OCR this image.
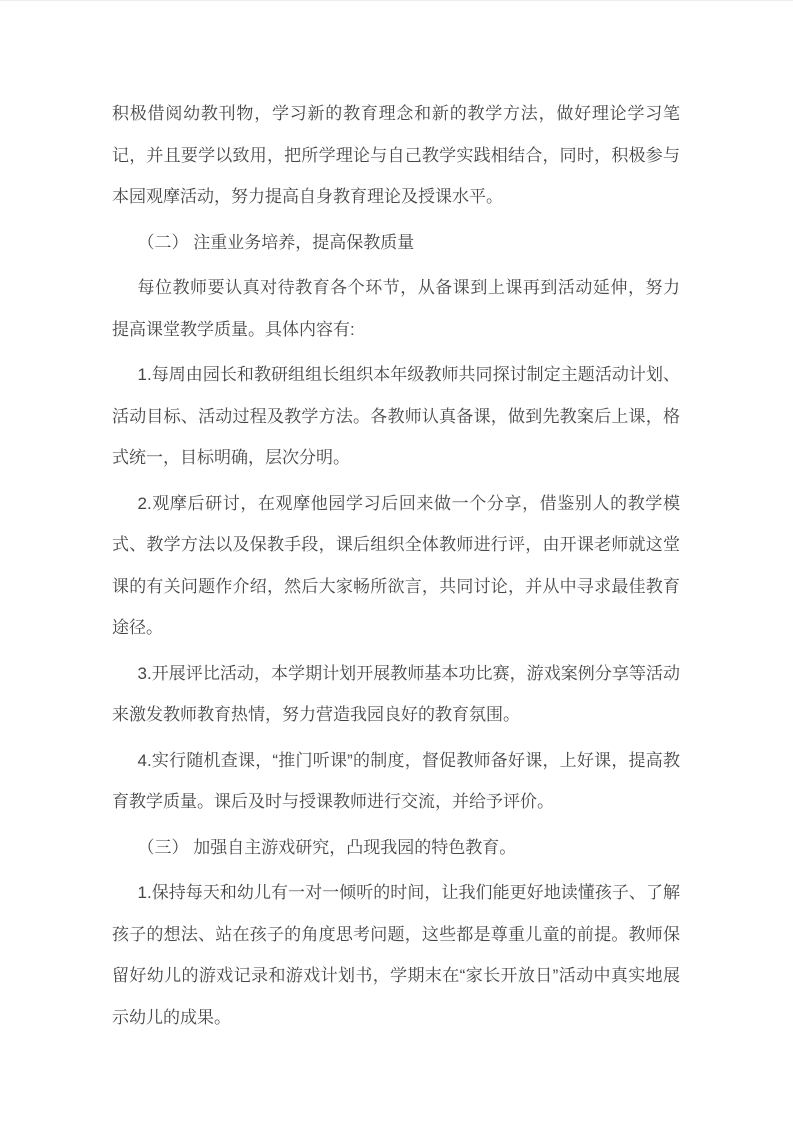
积极借阅幼教刊物，学习新的教育理念和新的教学方法，做好理论学习笔记，并且要学以致用，把所学理论与自己教学实践相结合，同时，积极参与本园观摩活动，努力提高自身教育理论及授课水平。

（二） 注重业务培养，提高保教质量

每位教师要认真对待教育各个环节，从备课到上课再到活动延伸，努力提高课堂教学质量。具体内容有:

1.每周由园长和教研组组长组织本年级教师共同探讨制定主题活动计划、活动目标、活动过程及教学方法。各教师认真备课，做到先教案后上课，格式统一，目标明确，层次分明。

2.观摩后研讨，在观摩他园学习后回来做一个分享，借鉴别人的教学模式、教学方法以及保教手段，课后组织全体教师进行评，由开课老师就这堂课的有关问题作介绍，然后大家畅所欲言，共同讨论，并从中寻求最佳教育途径。

3.开展评比活动，本学期计划开展教师基本功比赛，游戏案例分享等活动来激发教师教育热情，努力营造我园良好的教育氛围。

4.实行随机查课，“推门听课”的制度，督促教师备好课，上好课，提高教育教学质量。课后及时与授课教师进行交流，并给予评价。

（三） 加强自主游戏研究，凸现我园的特色教育。

1.保持每天和幼儿有一对一倾听的时间，让我们能更好地读懂孩子、了解孩子的想法、站在孩子的角度思考问题，这些都是尊重儿童的前提。教师保留好幼儿的游戏记录和游戏计划书，学期末在“家长开放日”活动中真实地展示幼儿的成果。
